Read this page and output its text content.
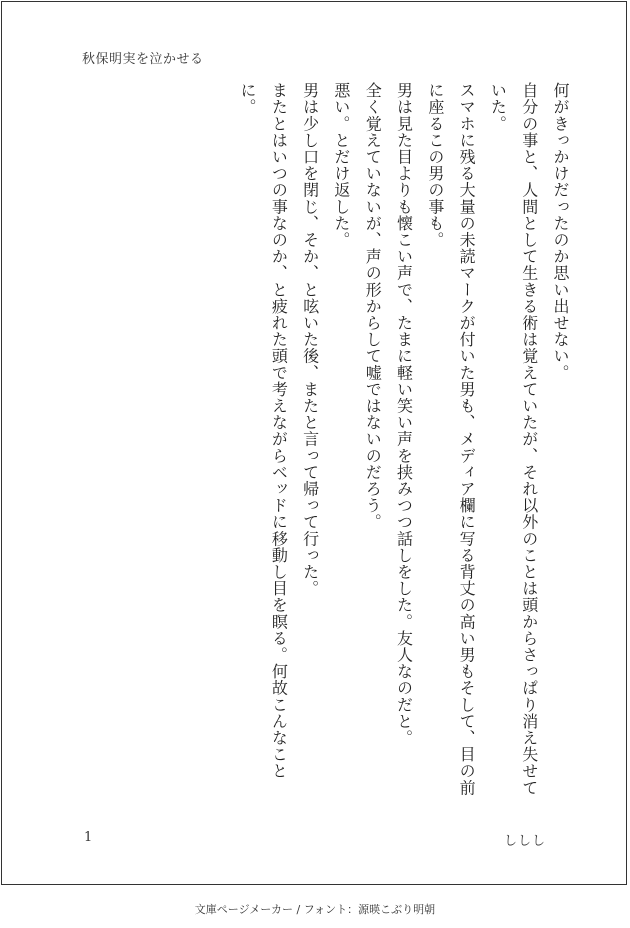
秋保明実を泣かせる

何がきっかけだったのか思い出せない。

自分の事と、人間として生きる術は覚えていたが、それ以外のことは頭からさっぱり消え失せていた。

スマホに残る大量の未読マークが付いた男も、メディア欄に写る背丈の高い男もそして、目の前に座るこの男の事も。

男は見た目よりも懐こい声で、たまに軽い笑い声を挟みつつ話しをした。友人なのだと。

全く覚えていないが、声の形からして嘘ではないのだろう。

悪い。とだけ返した。

男は少し口を閉じ、そか、と呟いた後、またと言って帰って行った。

またとはいつの事なのか、と疲れた頭で考えながらベッドに移動し目を瞑る。何故こんなことに。

1	ししし
文庫ページメーカー / フォント：源暎こぶり明朝
